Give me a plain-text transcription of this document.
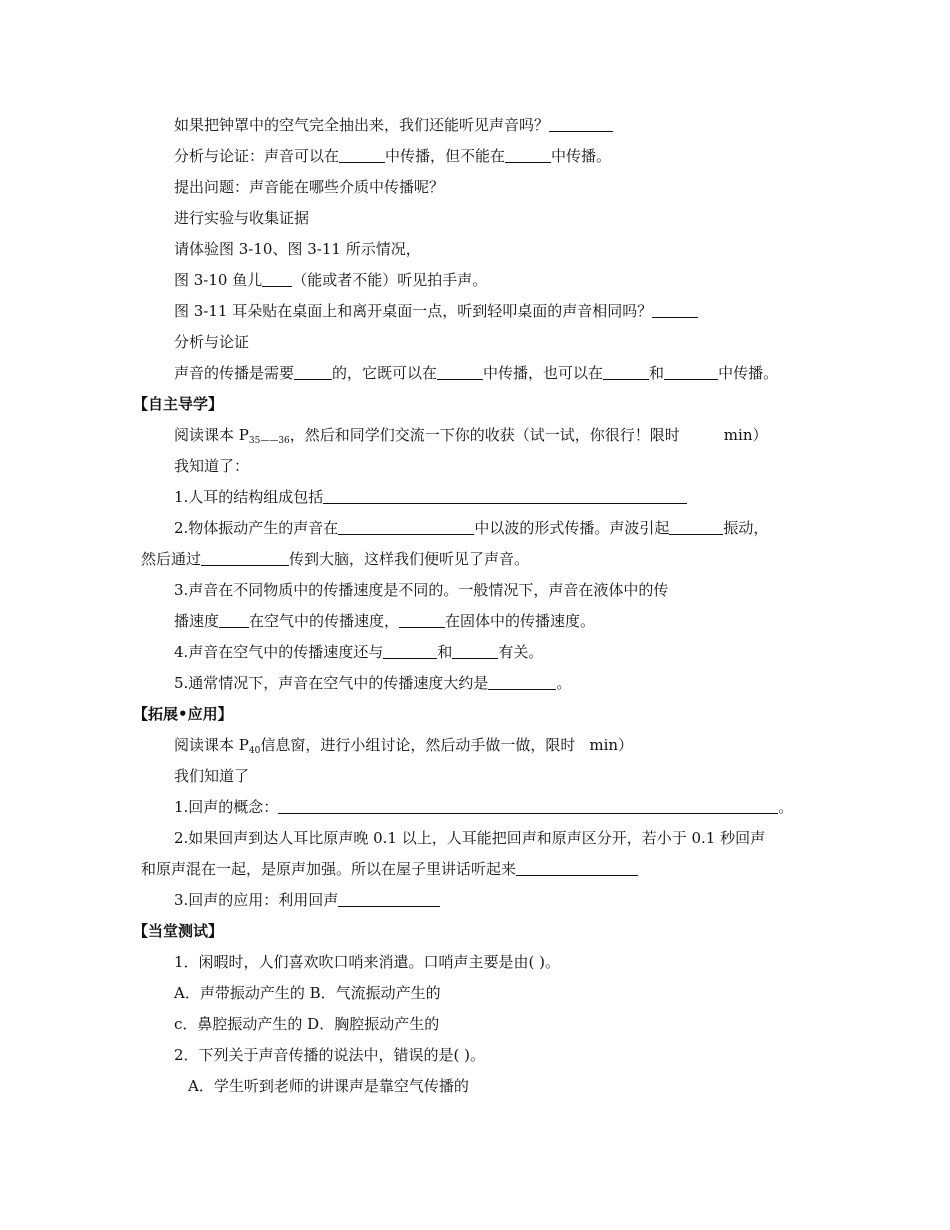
如果把钟罩中的空气完全抽出来，我们还能听见声音吗？
分析与论证：声音可以在	中传播，但不能在	中传播。
提出问题：声音能在哪些介质中传播呢？
进行实验与收集证据
请体验图 3-10、图 3-11 所示情况，
图 3-10 鱼儿 （能或者不能）听见拍手声。
图 3-11 耳朵贴在桌面上和离开桌面一点，听到轻叩桌面的声音相同吗？
分析与论证
声音的传播是需要	的，它既可以在	中传播，也可以在	和	中传播。
【自主导学】
阅读课本 $P_{35——36}$，然后和同学们交流一下你的收获（试一试，你很行！限时	min）
我知道了：
1.人耳的结构组成包括
2.物体振动产生的声音在	中以波的形式传播。声波引起	振动，
然后通过	传到大脑，这样我们便听见了声音。
3.声音在不同物质中的传播速度是不同的。一般情况下，声音在液体中的传
播速度 在空气中的传播速度，	在固体中的传播速度。
4.声音在空气中的传播速度还与	和	有关。
5.通常情况下，声音在空气中的传播速度大约是	。
【拓展•应用】
阅读课本 $P_{40}$信息窗，进行小组讨论，然后动手做一做，限时 min）
我们知道了
1.回声的概念：	。
2.如果回声到达人耳比原声晚 0.1 以上，人耳能把回声和原声区分开，若小于 0.1 秒回声
和原声混在一起，是原声加强。所以在屋子里讲话听起来
3.回声的应用：利用回声
【当堂测试】
1．闲暇时，人们喜欢吹口哨来消遣。口哨声主要是由( )。
A．声带振动产生的 B．气流振动产生的
c．鼻腔振动产生的 D．胸腔振动产生的
2．下列关于声音传播的说法中，错误的是( )。
A．学生听到老师的讲课声是靠空气传播的
